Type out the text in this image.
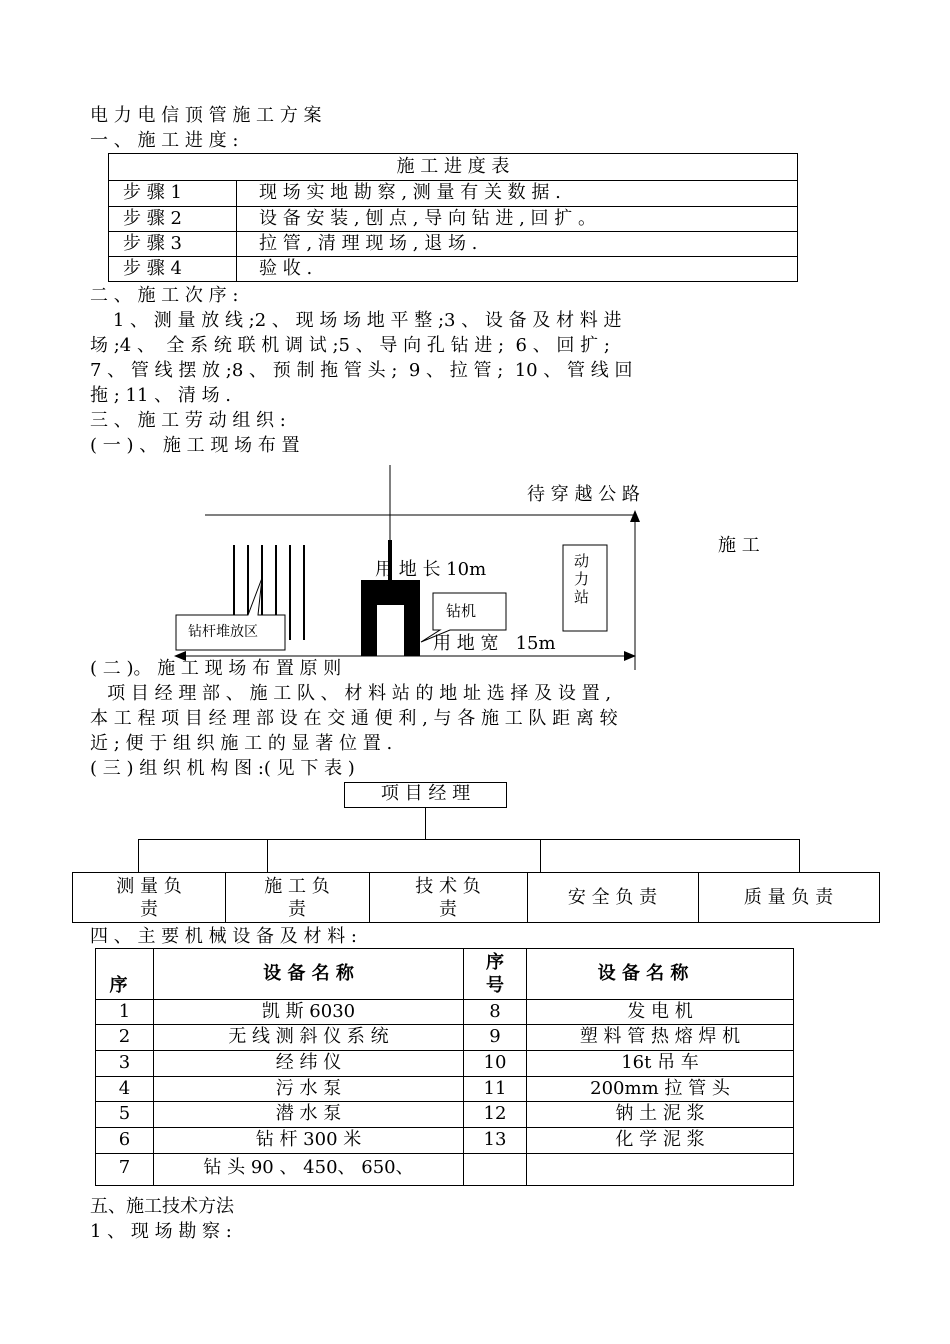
电 力 电 信 顶 管 施 工 方 案
一 、 施 工 进 度 :
施 工 进 度 表
步 骤 1	现 场 实 地 勘 察 , 测 量 有 关 数 据 .
步 骤 2	设 备 安 装 , 刨 点 , 导 向 钻 进 , 回 扩 。
步 骤 3	拉 管 , 清 理 现 场 , 退 场 .
步 骤 4	验 收 .
二 、 施 工 次 序 :
1 、 测 量 放 线 ;2 、 现 场 场 地 平 整 ;3 、 设 备 及 材 料 进
场 ;4 、  全 系 统 联 机 调 试 ;5 、 导 向 孔 钻 进 ;  6 、 回 扩 ;
7 、 管 线 摆 放 ;8 、 预 制 拖 管 头 ;  9 、 拉 管 ;  10 、 管 线 回
拖 ; 11 、 清 场 .
三 、 施 工 劳 动 组 织 :
( 一 ) 、 施 工 现 场 布 置
待 穿 越 公 路
施 工
用 地 长 10m	动力站
钻机
钻杆堆放区
用 地 宽   15m
( 二 )。 施 工 现 场 布 置 原 则
项 目 经 理 部 、 施 工 队 、 材 料 站 的 地 址 选 择 及 设 置 ,
本 工 程 项 目 经 理 部 设 在 交 通 便 利 , 与 各 施 工 队 距 离 较
近 ; 便 于 组 织 施 工 的 显 著 位 置 .
( 三 ) 组 织 机 构 图 :( 见 下 表 )
项 目 经 理
测 量 负
责
施 工 负
责
技 术 负
责
安 全 负 责	质 量 负 责
四 、 主 要 机 械 设 备 及 材 料 :
序
设 备 名 称
序
号
设 备 名 称
1	凯 斯 6030	8	发 电 机
2	无 线 测 斜 仪 系 统	9	塑 料 管 热 熔 焊 机
3	经 纬 仪	10	16t 吊 车
4	污 水 泵	11	200mm 拉 管 头
5	潜 水 泵	12	钠 土 泥 浆
6	钻 杆 300 米	13	化 学 泥 浆
7	钻 头 90 、 450、 650、
五、施工技术方法
1 、 现 场 勘 察 :
